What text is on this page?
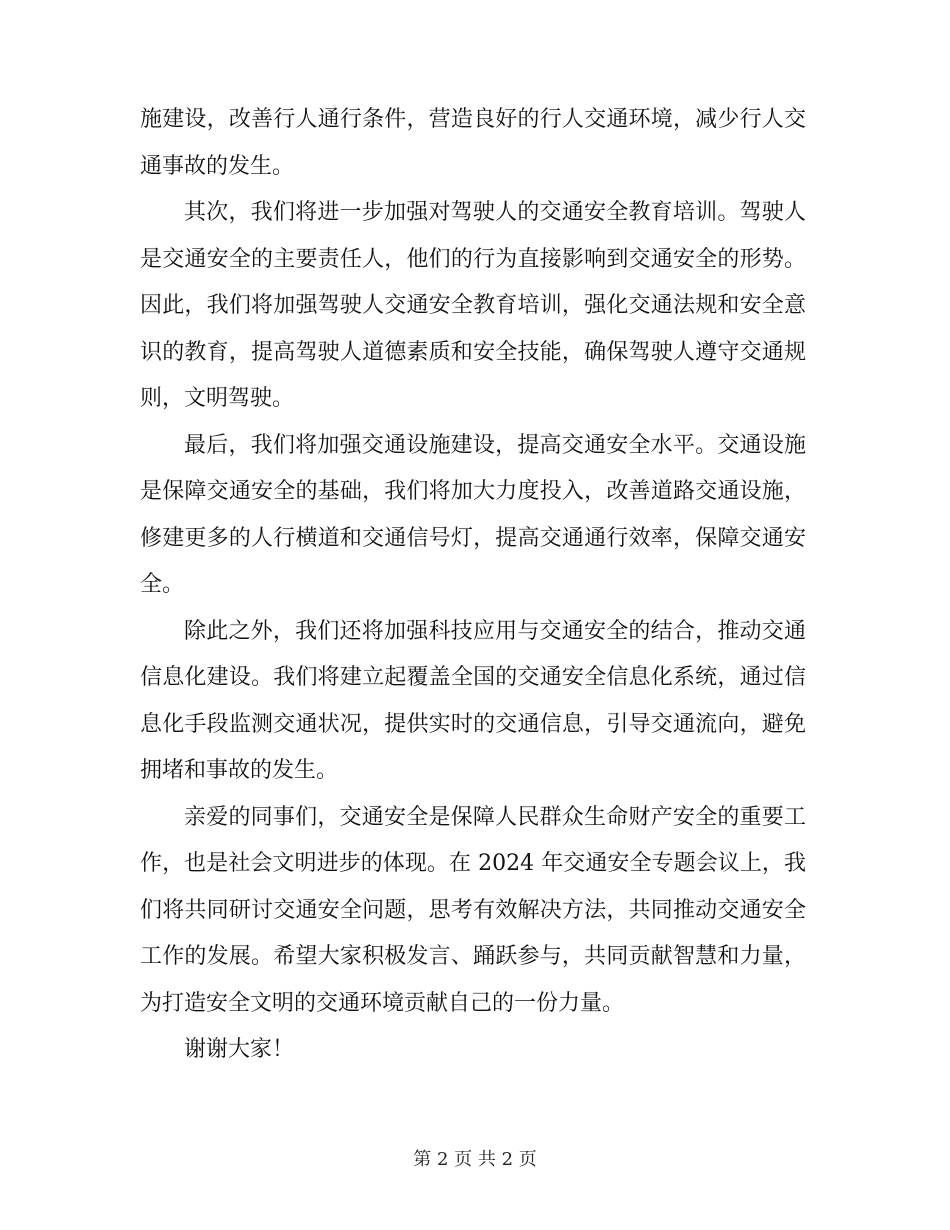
施建设，改善行人通行条件，营造良好的行人交通环境，减少行人交通事故的发生。

其次，我们将进一步加强对驾驶人的交通安全教育培训。驾驶人是交通安全的主要责任人，他们的行为直接影响到交通安全的形势。因此，我们将加强驾驶人交通安全教育培训，强化交通法规和安全意识的教育，提高驾驶人道德素质和安全技能，确保驾驶人遵守交通规则，文明驾驶。

最后，我们将加强交通设施建设，提高交通安全水平。交通设施是保障交通安全的基础，我们将加大力度投入，改善道路交通设施，修建更多的人行横道和交通信号灯，提高交通通行效率，保障交通安全。

除此之外，我们还将加强科技应用与交通安全的结合，推动交通信息化建设。我们将建立起覆盖全国的交通安全信息化系统，通过信息化手段监测交通状况，提供实时的交通信息，引导交通流向，避免拥堵和事故的发生。

亲爱的同事们，交通安全是保障人民群众生命财产安全的重要工作，也是社会文明进步的体现。在 2024 年交通安全专题会议上，我们将共同研讨交通安全问题，思考有效解决方法，共同推动交通安全工作的发展。希望大家积极发言、踊跃参与，共同贡献智慧和力量，为打造安全文明的交通环境贡献自己的一份力量。

谢谢大家！

第 2 页 共 2 页
